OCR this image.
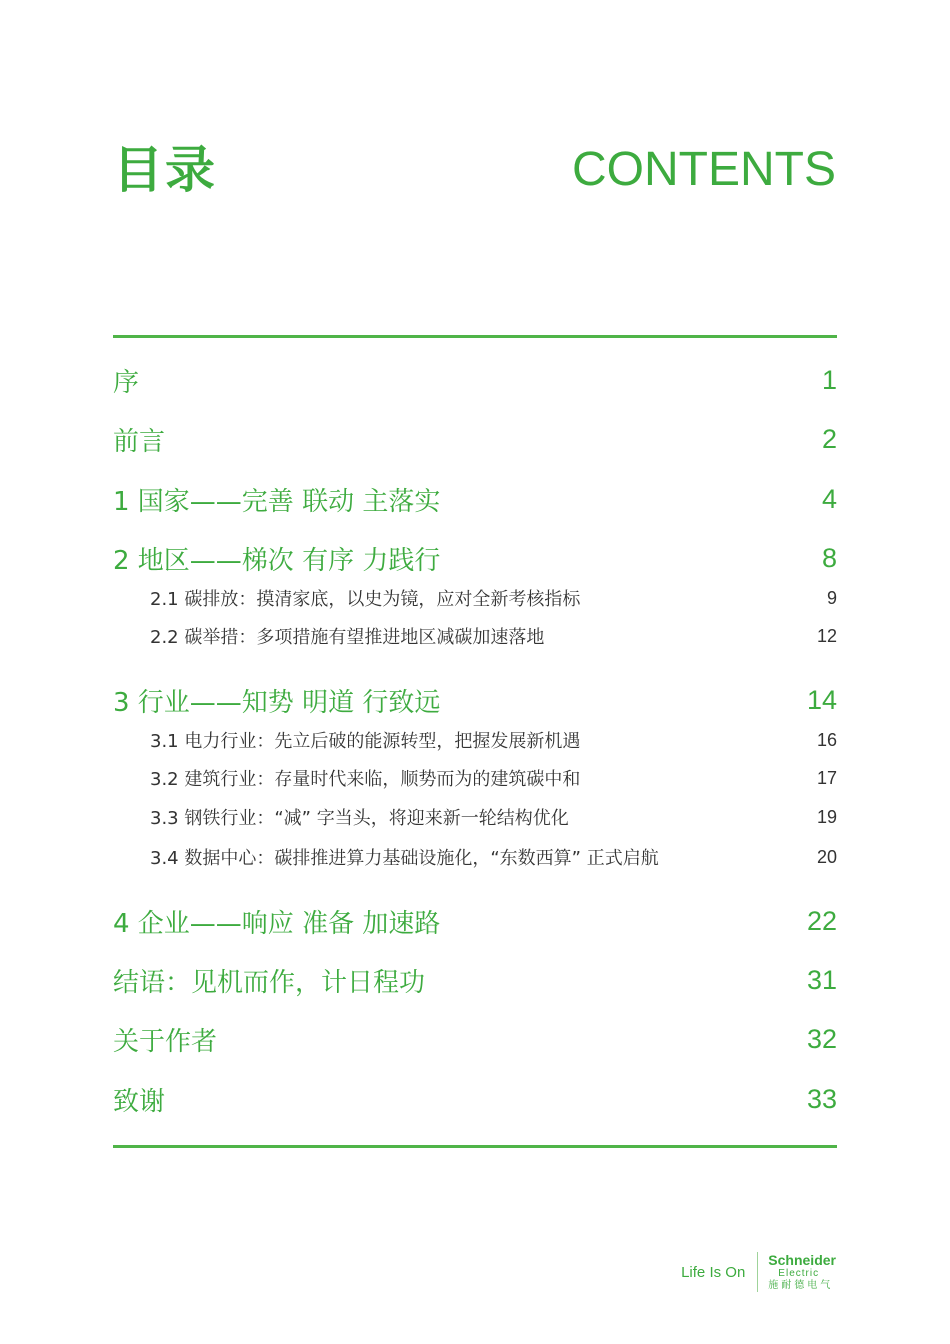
目录	CONTENTS
序	1
前言	2
1 国家——完善 联动 主落实	4
2 地区——梯次 有序 力践行	8
2.1 碳排放：摸清家底，以史为镜，应对全新考核指标	9
2.2 碳举措：多项措施有望推进地区减碳加速落地	12
3 行业——知势 明道 行致远	14
3.1 电力行业：先立后破的能源转型，把握发展新机遇	16
3.2 建筑行业：存量时代来临，顺势而为的建筑碳中和	17
3.3 钢铁行业：“减” 字当头，将迎来新一轮结构优化	19
3.4 数据中心：碳排推进算力基础设施化，“东数西算” 正式启航	20
4 企业——响应 准备 加速路	22
结语：见机而作，计日程功	31
关于作者	32
致谢	33
Life Is On
Schneider
Electric
施耐德电气
